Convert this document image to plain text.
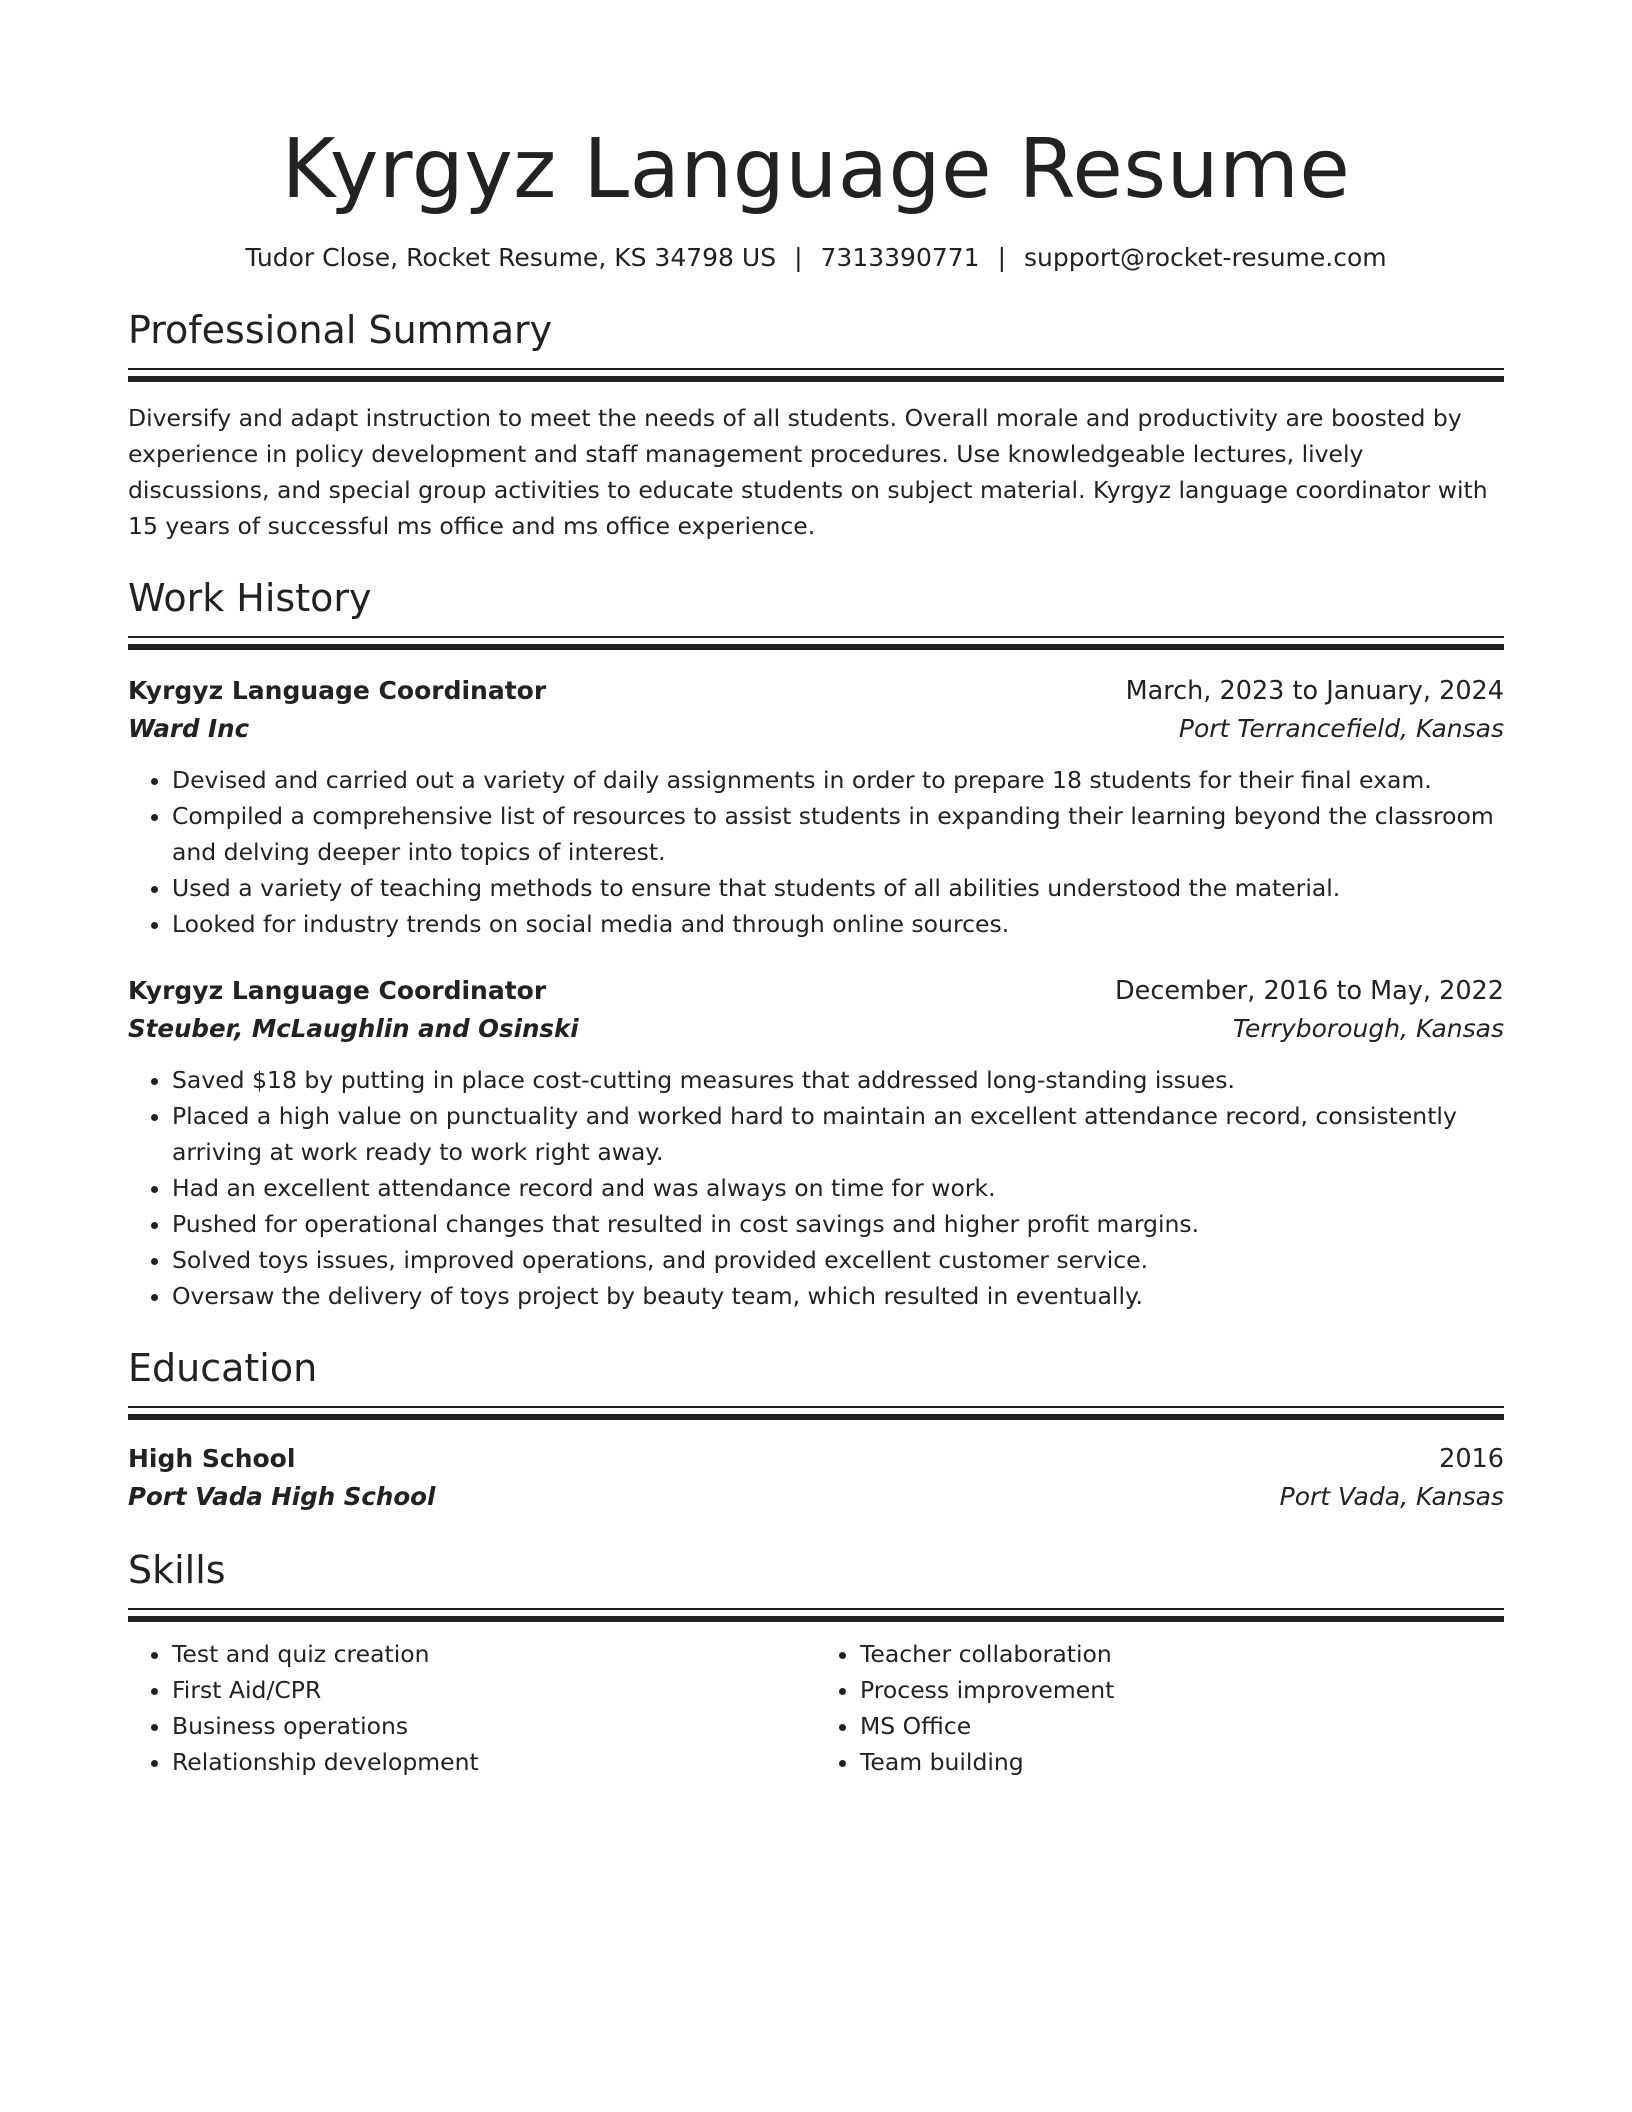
Kyrgyz Language Resume
Tudor Close, Rocket Resume, KS 34798 US | 7313390771 | support@rocket-resume.com
Professional Summary

Diversify and adapt instruction to meet the needs of all students. Overall morale and productivity are boosted by experience in policy development and staff management procedures. Use knowledgeable lectures, lively discussions, and special group activities to educate students on subject material. Kyrgyz language coordinator with 15 years of successful ms office and ms office experience.

Work History
Kyrgyz Language Coordinator	March, 2023 to January, 2024
Ward Inc	Port Terrancefield, Kansas
• Devised and carried out a variety of daily assignments in order to prepare 18 students for their final exam.
• Compiled a comprehensive list of resources to assist students in expanding their learning beyond the classroom and delving deeper into topics of interest.
• Used a variety of teaching methods to ensure that students of all abilities understood the material.
• Looked for industry trends on social media and through online sources.
Kyrgyz Language Coordinator	December, 2016 to May, 2022
Steuber, McLaughlin and Osinski	Terryborough, Kansas
• Saved $18 by putting in place cost-cutting measures that addressed long-standing issues.
• Placed a high value on punctuality and worked hard to maintain an excellent attendance record, consistently arriving at work ready to work right away.
• Had an excellent attendance record and was always on time for work.
• Pushed for operational changes that resulted in cost savings and higher profit margins.
• Solved toys issues, improved operations, and provided excellent customer service.
• Oversaw the delivery of toys project by beauty team, which resulted in eventually.
Education
High School	2016
Port Vada High School	Port Vada, Kansas
Skills
• Test and quiz creation
• First Aid/CPR
• Business operations
• Relationship development
• Teacher collaboration
• Process improvement
• MS Office
• Team building
